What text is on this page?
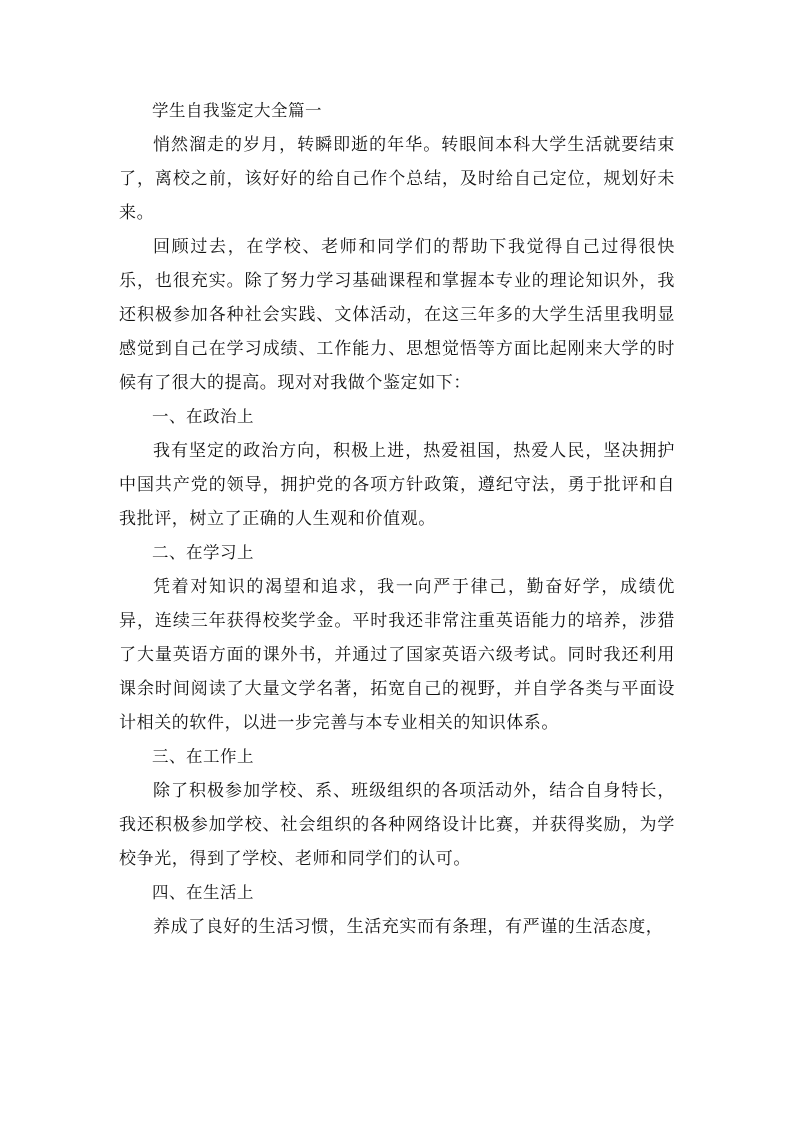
学生自我鉴定大全篇一

悄然溜走的岁月，转瞬即逝的年华。转眼间本科大学生活就要结束了，离校之前，该好好的给自己作个总结，及时给自己定位，规划好未来。

回顾过去，在学校、老师和同学们的帮助下我觉得自己过得很快乐，也很充实。除了努力学习基础课程和掌握本专业的理论知识外，我还积极参加各种社会实践、文体活动，在这三年多的大学生活里我明显感觉到自己在学习成绩、工作能力、思想觉悟等方面比起刚来大学的时候有了很大的提高。现对对我做个鉴定如下：

一、在政治上

我有坚定的政治方向，积极上进，热爱祖国，热爱人民，坚决拥护中国共产党的领导，拥护党的各项方针政策，遵纪守法，勇于批评和自我批评，树立了正确的人生观和价值观。

二、在学习上

凭着对知识的渴望和追求，我一向严于律己，勤奋好学，成绩优异，连续三年获得校奖学金。平时我还非常注重英语能力的培养，涉猎了大量英语方面的课外书，并通过了国家英语六级考试。同时我还利用课余时间阅读了大量文学名著，拓宽自己的视野，并自学各类与平面设计相关的软件，以进一步完善与本专业相关的知识体系。

三、在工作上

除了积极参加学校、系、班级组织的各项活动外，结合自身特长，我还积极参加学校、社会组织的各种网络设计比赛，并获得奖励，为学校争光，得到了学校、老师和同学们的认可。

四、在生活上

养成了良好的生活习惯，生活充实而有条理，有严谨的生活态度，
